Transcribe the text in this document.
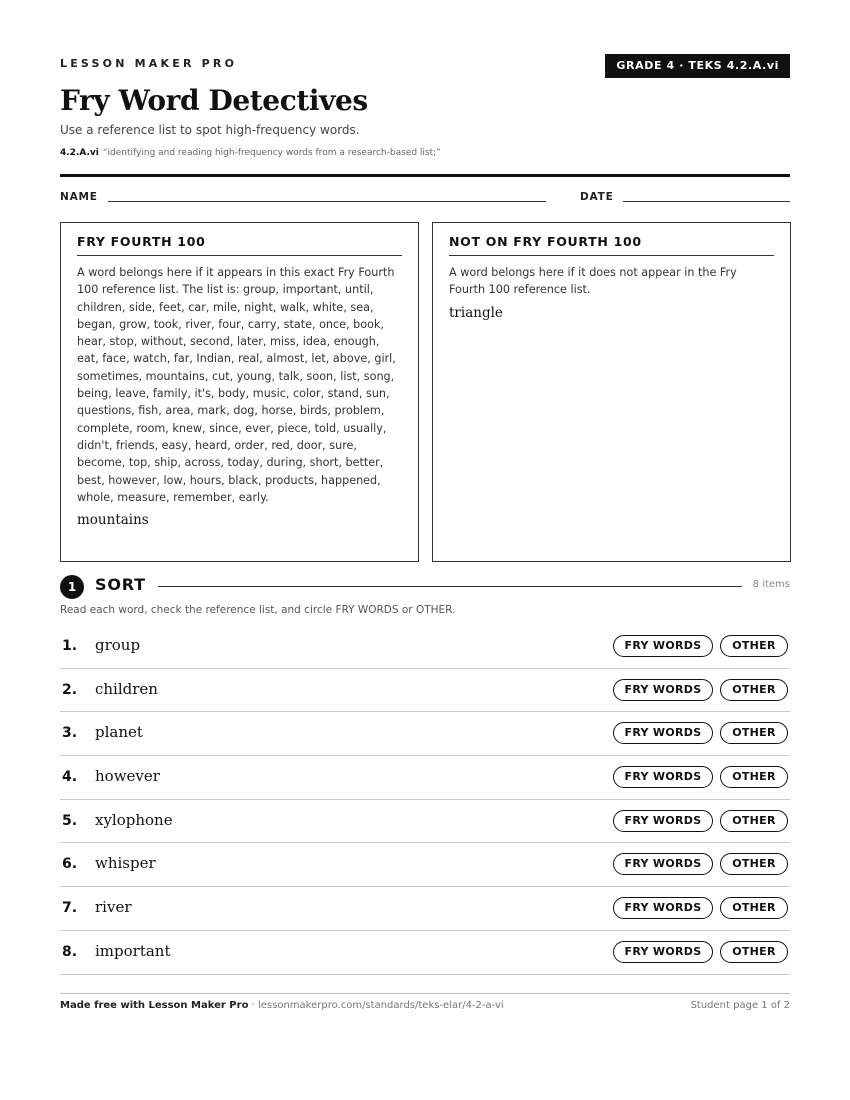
LESSON MAKER PRO	GRADE 4 · TEKS 4.2.A.vi
Fry Word Detectives
Use a reference list to spot high-frequency words.
4.2.A.vi “identifying and reading high-frequency words from a research-based list;”
NAME	DATE
FRY FOURTH 100

A word belongs here if it appears in this exact Fry Fourth 100 reference list. The list is: group, important, until, children, side, feet, car, mile, night, walk, white, sea, began, grow, took, river, four, carry, state, once, book, hear, stop, without, second, later, miss, idea, enough, eat, face, watch, far, Indian, real, almost, let, above, girl, sometimes, mountains, cut, young, talk, soon, list, song, being, leave, family, it's, body, music, color, stand, sun, questions, fish, area, mark, dog, horse, birds, problem, complete, room, knew, since, ever, piece, told, usually, didn't, friends, easy, heard, order, red, door, sure, become, top, ship, across, today, during, short, better, best, however, low, hours, black, products, happened, whole, measure, remember, early.

mountains
NOT ON FRY FOURTH 100

A word belongs here if it does not appear in the Fry Fourth 100 reference list.

triangle
1	SORT	8 items
Read each word, check the reference list, and circle FRY WORDS or OTHER.
1. group	FRY WORDS	OTHER
2. children	FRY WORDS	OTHER
3. planet	FRY WORDS	OTHER
4. however	FRY WORDS	OTHER
5. xylophone	FRY WORDS	OTHER
6. whisper	FRY WORDS	OTHER
7. river	FRY WORDS	OTHER
8. important	FRY WORDS	OTHER
Made free with Lesson Maker Pro · lessonmakerpro.com/standards/teks-elar/4-2-a-vi	Student page 1 of 2
